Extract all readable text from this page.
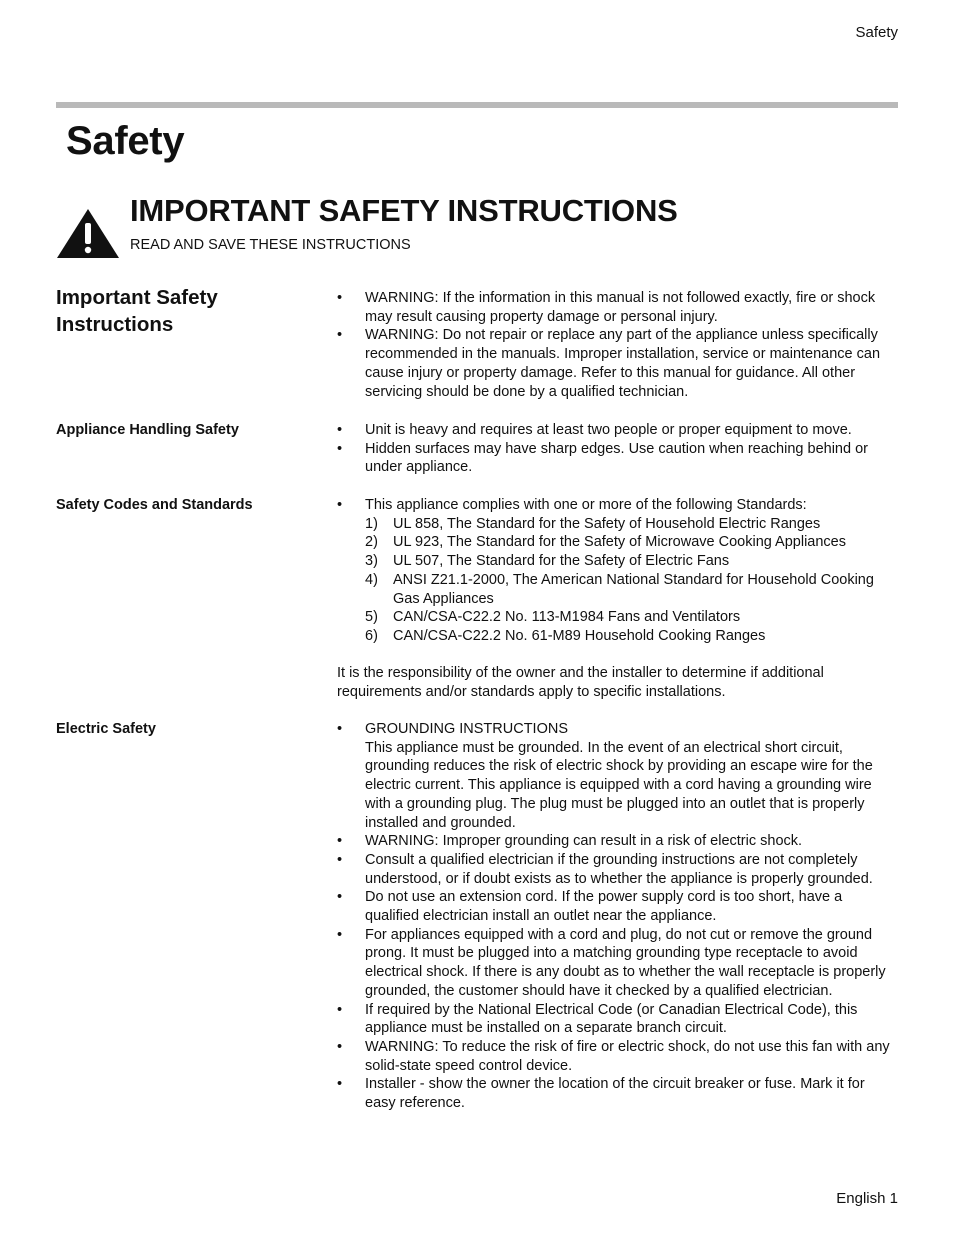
Safety
Safety
IMPORTANT SAFETY INSTRUCTIONS
READ AND SAVE THESE INSTRUCTIONS
Important Safety Instructions
• WARNING: If the information in this manual is not followed exactly, fire or shock may result causing property damage or personal injury.
• WARNING: Do not repair or replace any part of the appliance unless specifically recommended in the manuals. Improper installation, service or maintenance can cause injury or property damage. Refer to this manual for guidance. All other servicing should be done by a qualified technician.
Appliance Handling Safety	• Unit is heavy and requires at least two people or proper equipment to move.
• Hidden surfaces may have sharp edges. Use caution when reaching behind or under appliance.
Safety Codes and Standards	• This appliance complies with one or more of the following Standards:
1) UL 858, The Standard for the Safety of Household Electric Ranges
2) UL 923, The Standard for the Safety of Microwave Cooking Appliances
3) UL 507, The Standard for the Safety of Electric Fans
4) ANSI Z21.1-2000, The American National Standard for Household Cooking Gas Appliances
5) CAN/CSA-C22.2 No. 113-M1984 Fans and Ventilators
6) CAN/CSA-C22.2 No. 61-M89 Household Cooking Ranges
It is the responsibility of the owner and the installer to determine if additional requirements and/or standards apply to specific installations.
Electric Safety	• GROUNDING INSTRUCTIONS
This appliance must be grounded. In the event of an electrical short circuit, grounding reduces the risk of electric shock by providing an escape wire for the electric current. This appliance is equipped with a cord having a grounding wire with a grounding plug. The plug must be plugged into an outlet that is properly installed and grounded.
• WARNING: Improper grounding can result in a risk of electric shock.
• Consult a qualified electrician if the grounding instructions are not completely understood, or if doubt exists as to whether the appliance is properly grounded.
• Do not use an extension cord. If the power supply cord is too short, have a qualified electrician install an outlet near the appliance.
• For appliances equipped with a cord and plug, do not cut or remove the ground prong. It must be plugged into a matching grounding type receptacle to avoid electrical shock. If there is any doubt as to whether the wall receptacle is properly grounded, the customer should have it checked by a qualified electrician.
• If required by the National Electrical Code (or Canadian Electrical Code), this appliance must be installed on a separate branch circuit.
• WARNING: To reduce the risk of fire or electric shock, do not use this fan with any solid-state speed control device.
• Installer - show the owner the location of the circuit breaker or fuse. Mark it for easy reference.
English 1
